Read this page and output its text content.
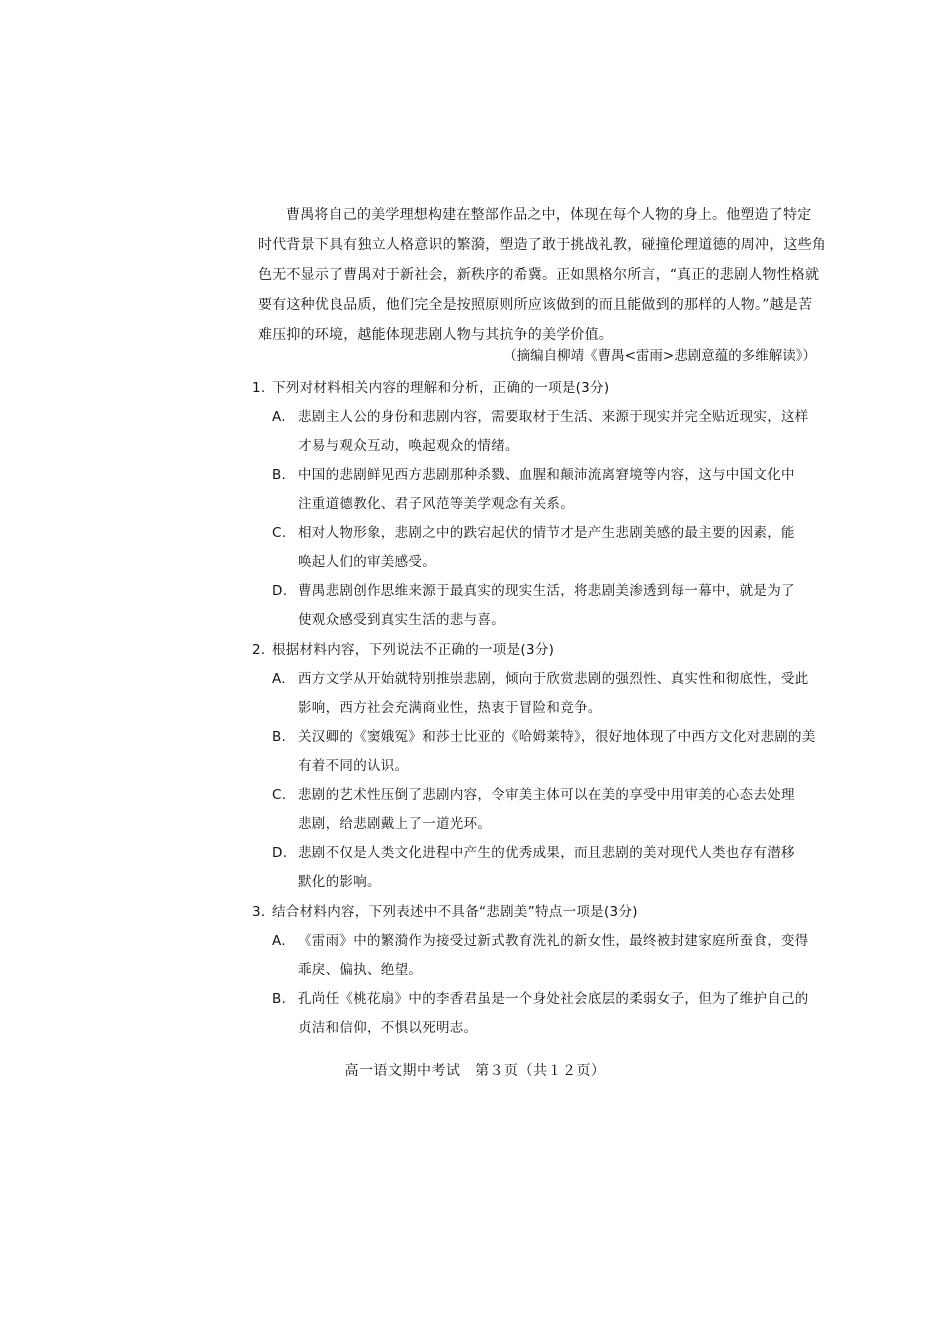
曹禺将自己的美学理想构建在整部作品之中，体现在每个人物的身上。他塑造了特定
时代背景下具有独立人格意识的繁漪，塑造了敢于挑战礼教，碰撞伦理道德的周冲，这些角
色无不显示了曹禺对于新社会，新秩序的希冀。正如黑格尔所言，“真正的悲剧人物性格就
要有这种优良品质，他们完全是按照原则所应该做到的而且能做到的那样的人物。”越是苦
难压抑的环境，越能体现悲剧人物与其抗争的美学价值。
（摘编自柳靖《曹禺<雷雨>悲剧意蕴的多维解读》）
1. 下列对材料相关内容的理解和分析，正确的一项是(3分)
A. 悲剧主人公的身份和悲剧内容，需要取材于生活、来源于现实并完全贴近现实，这样
才易与观众互动，唤起观众的情绪。
B. 中国的悲剧鲜见西方悲剧那种杀戮、血腥和颠沛流离窘境等内容，这与中国文化中
注重道德教化、君子风范等美学观念有关系。
C. 相对人物形象，悲剧之中的跌宕起伏的情节才是产生悲剧美感的最主要的因素，能
唤起人们的审美感受。
D. 曹禺悲剧创作思维来源于最真实的现实生活，将悲剧美渗透到每一幕中，就是为了
使观众感受到真实生活的悲与喜。
2. 根据材料内容，下列说法不正确的一项是(3分)
A. 西方文学从开始就特别推崇悲剧，倾向于欣赏悲剧的强烈性、真实性和彻底性，受此
影响，西方社会充满商业性，热衷于冒险和竞争。
B. 关汉卿的《窦娥冤》和莎士比亚的《哈姆莱特》，很好地体现了中西方文化对悲剧的美
有着不同的认识。
C. 悲剧的艺术性压倒了悲剧内容，令审美主体可以在美的享受中用审美的心态去处理
悲剧，给悲剧戴上了一道光环。
D. 悲剧不仅是人类文化进程中产生的优秀成果，而且悲剧的美对现代人类也存有潜移
默化的影响。
3. 结合材料内容，下列表述中不具备“悲剧美”特点一项是(3分)
A. 《雷雨》中的繁漪作为接受过新式教育洗礼的新女性，最终被封建家庭所蚕食，变得
乖戾、偏执、绝望。
B. 孔尚任《桃花扇》中的李香君虽是一个身处社会底层的柔弱女子，但为了维护自己的
贞洁和信仰，不惧以死明志。
高一语文期中考试　第３页（共１２页）
